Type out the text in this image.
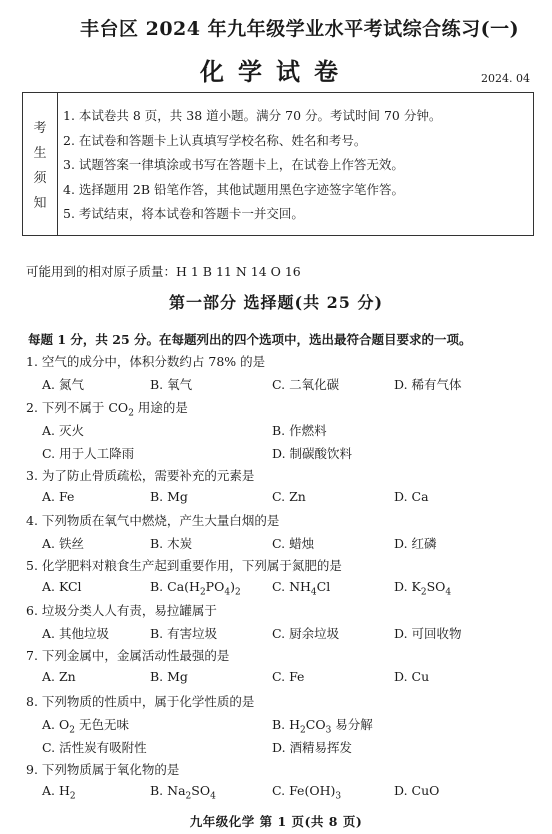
丰台区 2024 年九年级学业水平考试综合练习(一)
化学试卷	2024. 04
考
生
须
知
1. 本试卷共 8 页，共 38 道小题。满分 70 分。考试时间 70 分钟。
2. 在试卷和答题卡上认真填写学校名称、姓名和考号。
3. 试题答案一律填涂或书写在答题卡上，在试卷上作答无效。
4. 选择题用 2B 铅笔作答，其他试题用黑色字迹签字笔作答。
5. 考试结束，将本试卷和答题卡一并交回。
可能用到的相对原子质量：H 1 B 11 N 14 O 16
第一部分 选择题(共 25 分)
每题 1 分，共 25 分。在每题列出的四个选项中，选出最符合题目要求的一项。
1. 空气的成分中，体积分数约占 78% 的是
A. 氮气	B. 氧气	C. 二氧化碳	D. 稀有气体
2. 下列不属于 $CO_2$ 用途的是
A. 灭火	B. 作燃料
C. 用于人工降雨	D. 制碳酸饮料
3. 为了防止骨质疏松，需要补充的元素是
A. Fe	B. Mg	C. Zn	D. Ca
4. 下列物质在氧气中燃烧，产生大量白烟的是
A. 铁丝	B. 木炭	C. 蜡烛	D. 红磷
5. 化学肥料对粮食生产起到重要作用，下列属于氮肥的是
A. KCl	B. $Ca(H_2PO_4)_2$	C. $NH_4Cl$	D. $K_2SO_4$
6. 垃圾分类人人有责，易拉罐属于
A. 其他垃圾	B. 有害垃圾	C. 厨余垃圾	D. 可回收物
7. 下列金属中，金属活动性最强的是
A. Zn	B. Mg	C. Fe	D. Cu
8. 下列物质的性质中，属于化学性质的是
A. $O_2$ 无色无味	B. $H_2CO_3$ 易分解
C. 活性炭有吸附性	D. 酒精易挥发
9. 下列物质属于氧化物的是
A. $H_2$	B. $Na_2SO_4$	C. $Fe(OH)_3$	D. CuO
九年级化学 第 1 页(共 8 页)
